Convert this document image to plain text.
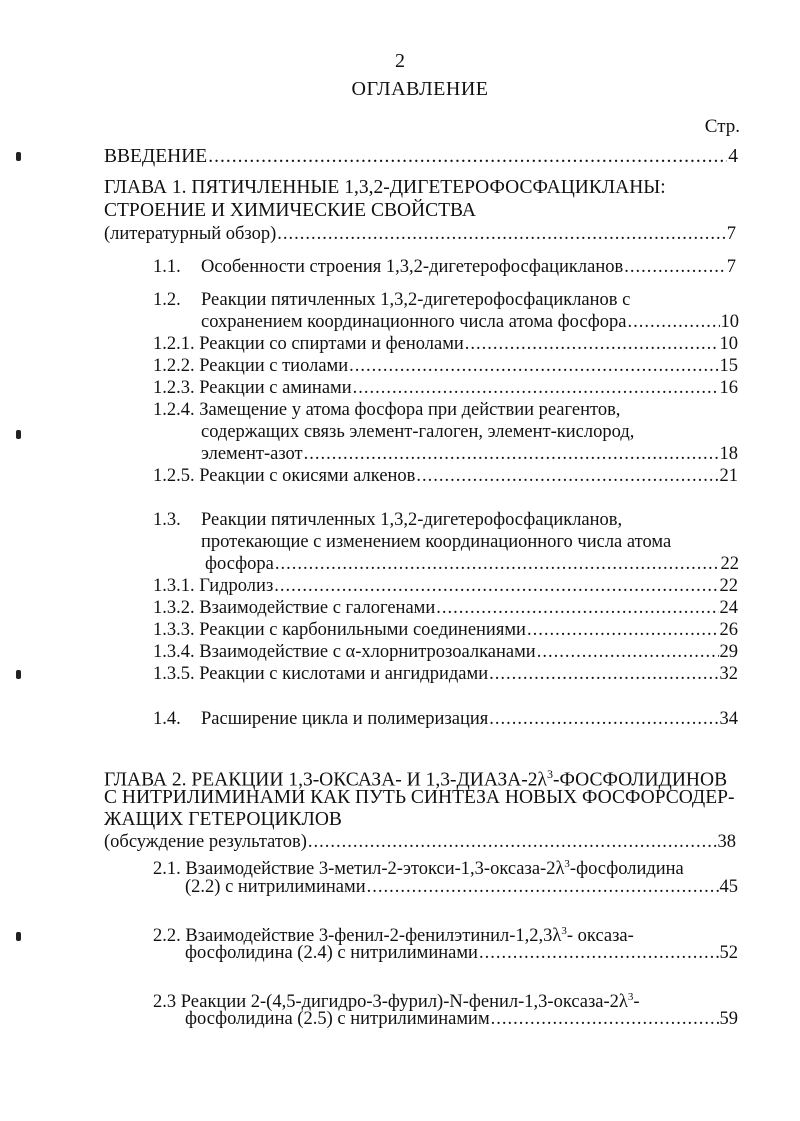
2
ОГЛАВЛЕНИЕ
Стр.
ВВЕДЕНИЕ .....	4
ГЛАВА 1. ПЯТИЧЛЕННЫЕ 1,3,2-ДИГЕТЕРОФОСФАЦИКЛАНЫ:
СТРОЕНИЕ И ХИМИЧЕСКИЕ СВОЙСТВА
(литературный обзор) .....	7
1.1. Особенности строения 1,3,2-дигетерофосфацикланов .....	7
1.2. Реакции пятичленных 1,3,2-дигетерофосфацикланов с
сохранением координационного числа атома фосфора .....	10
1.2.1. Реакции со спиртами и фенолами .....	10
1.2.2. Реакции с тиолами .....	15
1.2.3. Реакции с аминами .....	16
1.2.4. Замещение у атома фосфора при действии реагентов,
содержащих связь элемент-галоген, элемент-кислород,
элемент-азот .....	18
1.2.5. Реакции с окисями алкенов .....	21
1.3. Реакции пятичленных 1,3,2-дигетерофосфацикланов,
протекающие с изменением координационного числа атома
фосфора .....	22
1.3.1. Гидролиз .....	22
1.3.2. Взаимодействие с галогенами .....	24
1.3.3. Реакции с карбонильными соединениями .....	26
1.3.4. Взаимодействие с α-хлорнитрозоалканами .....	29
1.3.5. Реакции с кислотами и ангидридами .....	32
1.4. Расширение цикла и полимеризация .....	34
ГЛАВА 2. РЕАКЦИИ 1,3-ОКСАЗА- И $1,3-ДИАЗА-2\lambda^3$-ФОСФОЛИДИНОВ
С НИТРИЛИМИНАМИ КАК ПУТЬ СИНТЕЗА НОВЫХ ФОСФОРСОДЕР-
ЖАЩИХ ГЕТЕРОЦИКЛОВ
(обсуждение результатов) .....	38
2.1. Взаимодействие $3-метил-2-этокси-1,3-оксаза-2\lambda^3$-фосфолидина
(2.2) с нитрилиминами .....	45
2.2. Взаимодействие $3-фенил-2-фенилэтинил-1,2,3\lambda^3-$ оксаза-
фосфолидина (2.4) с нитрилиминами .....	52
2.3 Реакции $2-(4,5-дигидро-3-фурил)-N-фенил-1,3-оксаза-2\lambda^3-$
фосфолидина (2.5) с нитрилиминамим .....	59
